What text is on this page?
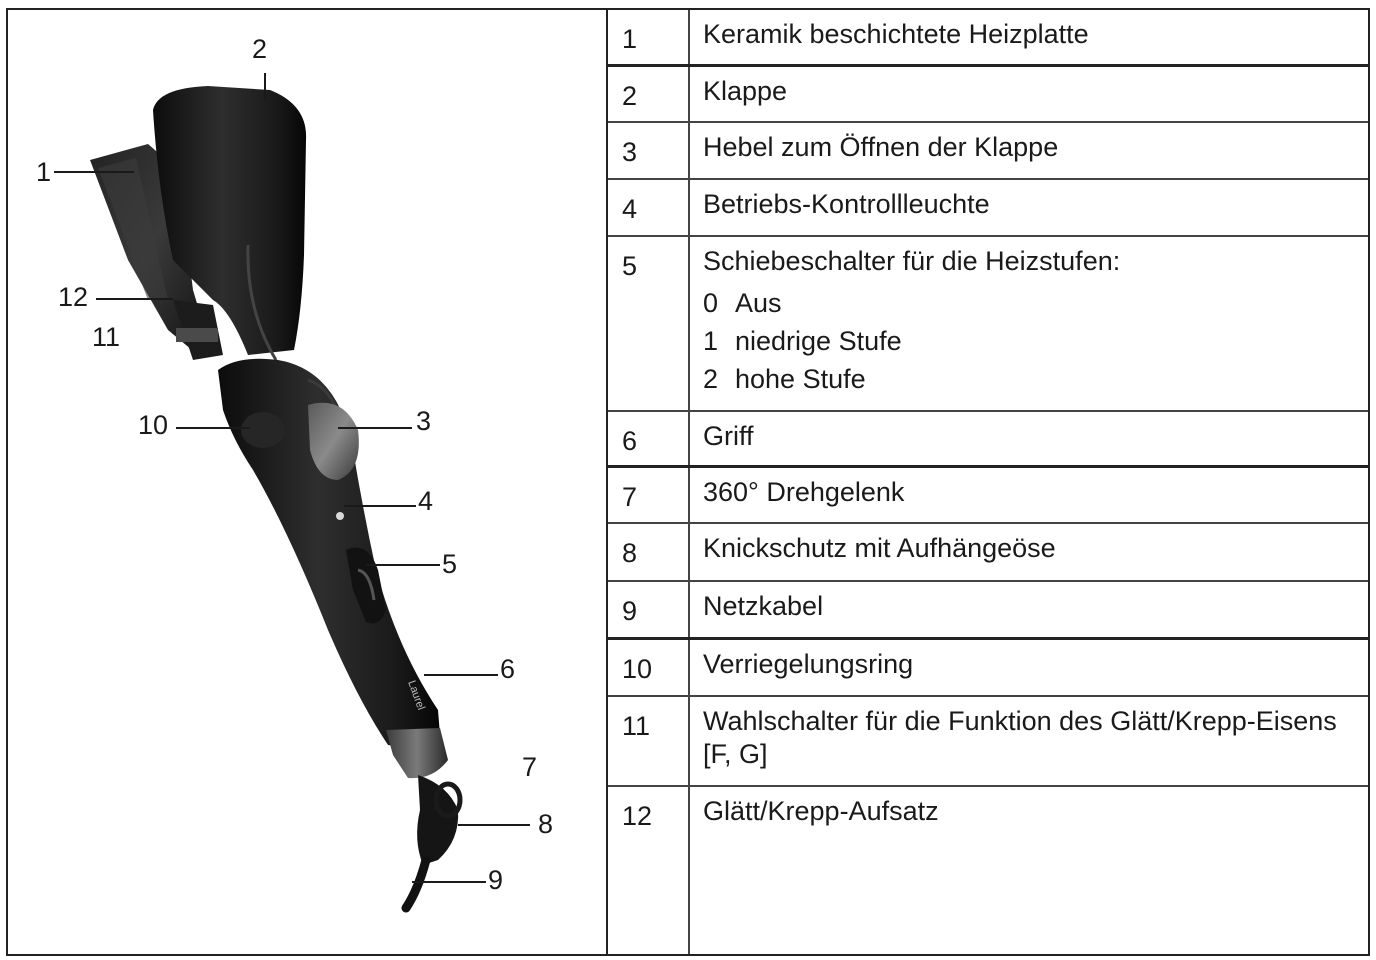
Laurel
1
2
3
4
5
6
7
8
9
10
11
12
1 Keramik beschichtete Heizplatte
2 Klappe
3 Hebel zum Öffnen der Klappe
4 Betriebs-Kontrollleuchte
5 Schiebeschalter für die Heizstufen:
0 Aus
1 niedrige Stufe
2 hohe Stufe
6 Griff
7 360° Drehgelenk
8 Knickschutz mit Aufhängeöse
9 Netzkabel
10 Verriegelungsring
11 Wahlschalter für die Funktion des Glätt/Krepp-Eisens [F, G]
12 Glätt/Krepp-Aufsatz
